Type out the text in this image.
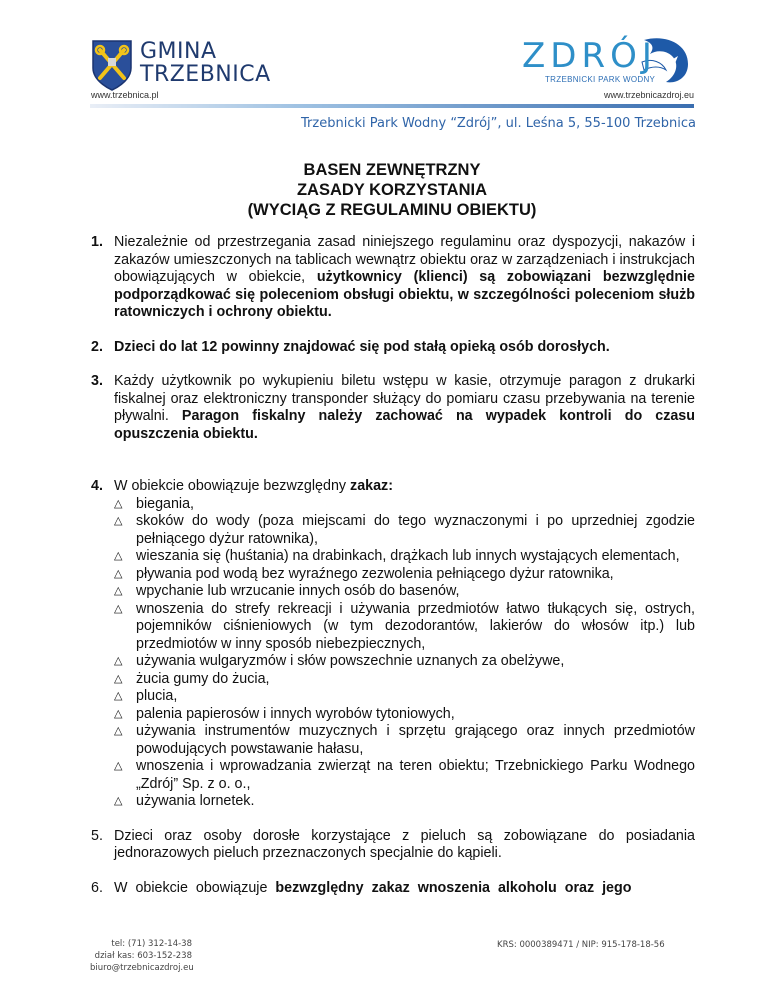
GMINA
TRZEBNICA
www.trzebnica.pl
ZDRÓJ
TRZEBNICKI PARK WODNY
www.trzebnicazdroj.eu
Trzebnicki Park Wodny “Zdrój”, ul. Leśna 5, 55-100 Trzebnica
BASEN ZEWNĘTRZNY
ZASADY KORZYSTANIA
(WYCIĄG Z REGULAMINU OBIEKTU)
1. Niezależnie od przestrzegania zasad niniejszego regulaminu oraz dyspozycji, nakazów i zakazów umieszczonych na tablicach wewnątrz obiektu oraz w zarządzeniach i instrukcjach obowiązujących w obiekcie, użytkownicy (klienci) są zobowiązani bezwzględnie podporządkować się poleceniom obsługi obiektu, w szczególności poleceniom służb ratowniczych i ochrony obiektu.
2. Dzieci do lat 12 powinny znajdować się pod stałą opieką osób dorosłych.
3. Każdy użytkownik po wykupieniu biletu wstępu w kasie, otrzymuje paragon z drukarki fiskalnej oraz elektroniczny transponder służący do pomiaru czasu przebywania na terenie pływalni. Paragon fiskalny należy zachować na wypadek kontroli do czasu opuszczenia obiektu.
4. W obiekcie obowiązuje bezwzględny zakaz:
△ biegania,
△ skoków do wody (poza miejscami do tego wyznaczonymi i po uprzedniej zgodzie pełniącego dyżur ratownika),
△ wieszania się (huśtania) na drabinkach, drążkach lub innych wystających elementach,
△ pływania pod wodą bez wyraźnego zezwolenia pełniącego dyżur ratownika,
△ wpychanie lub wrzucanie innych osób do basenów,
△ wnoszenia do strefy rekreacji i używania przedmiotów łatwo tłukących się, ostrych, pojemników ciśnieniowych (w tym dezodorantów, lakierów do włosów itp.) lub przedmiotów w inny sposób niebezpiecznych,
△ używania wulgaryzmów i słów powszechnie uznanych za obelżywe,
△ żucia gumy do żucia,
△ plucia,
△ palenia papierosów i innych wyrobów tytoniowych,
△ używania instrumentów muzycznych i sprzętu grającego oraz innych przedmiotów powodujących powstawanie hałasu,
△ wnoszenia i wprowadzania zwierząt na teren obiektu; Trzebnickiego Parku Wodnego „Zdrój” Sp. z o. o.,
△ używania lornetek.
5. Dzieci oraz osoby dorosłe korzystające z pieluch są zobowiązane do posiadania jednorazowych pieluch przeznaczonych specjalnie do kąpieli.
6. W obiekcie obowiązuje bezwzględny zakaz wnoszenia alkoholu oraz jego
tel: (71) 312-14-38
dział kas: 603-152-238
biuro@trzebnicazdroj.eu
KRS: 0000389471 / NIP: 915-178-18-56
